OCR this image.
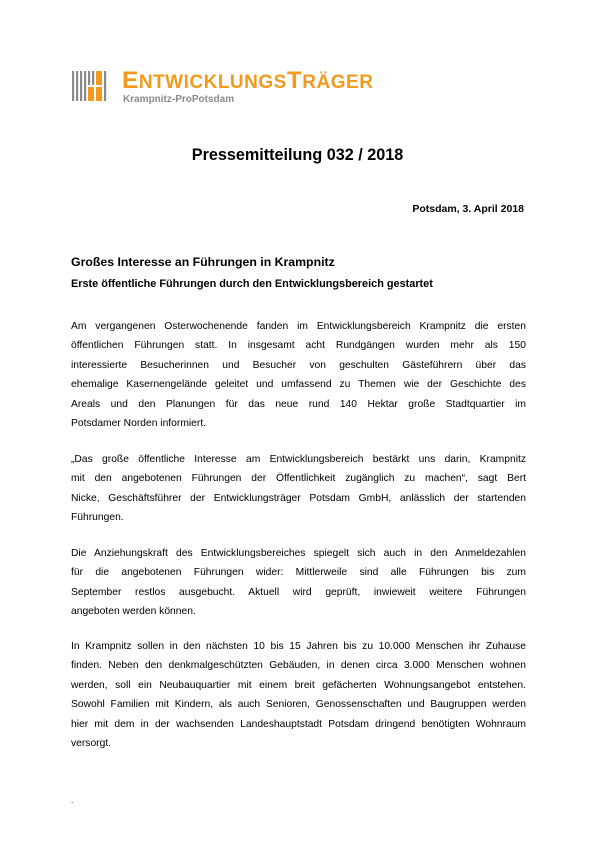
ENTWICKLUNGSTRÄGER
Krampnitz-ProPotsdam
Pressemitteilung 032 / 2018
Potsdam, 3. April 2018
Großes Interesse an Führungen in Krampnitz
Erste öffentliche Führungen durch den Entwicklungsbereich gestartet
Am vergangenen Osterwochenende fanden im Entwicklungsbereich Krampnitz die ersten
öffentlichen Führungen statt. In insgesamt acht Rundgängen wurden mehr als 150
interessierte Besucherinnen und Besucher von geschulten Gästeführern über das
ehemalige Kasernengelände geleitet und umfassend zu Themen wie der Geschichte des
Areals und den Planungen für das neue rund 140 Hektar große Stadtquartier im
Potsdamer Norden informiert.
„Das große öffentliche Interesse am Entwicklungsbereich bestärkt uns darin, Krampnitz
mit den angebotenen Führungen der Öffentlichkeit zugänglich zu machen“, sagt Bert
Nicke, Geschäftsführer der Entwicklungsträger Potsdam GmbH, anlässlich der startenden
Führungen.
Die Anziehungskraft des Entwicklungsbereiches spiegelt sich auch in den Anmeldezahlen
für die angebotenen Führungen wider: Mittlerweile sind alle Führungen bis zum
September restlos ausgebucht. Aktuell wird geprüft, inwieweit weitere Führungen
angeboten werden können.
In Krampnitz sollen in den nächsten 10 bis 15 Jahren bis zu 10.000 Menschen ihr Zuhause
finden. Neben den denkmalgeschützten Gebäuden, in denen circa 3.000 Menschen wohnen
werden, soll ein Neubauquartier mit einem breit gefächerten Wohnungsangebot entstehen.
Sowohl Familien mit Kindern, als auch Senioren, Genossenschaften und Baugruppen werden
hier mit dem in der wachsenden Landeshauptstadt Potsdam dringend benötigten Wohnraum
versorgt.
.
